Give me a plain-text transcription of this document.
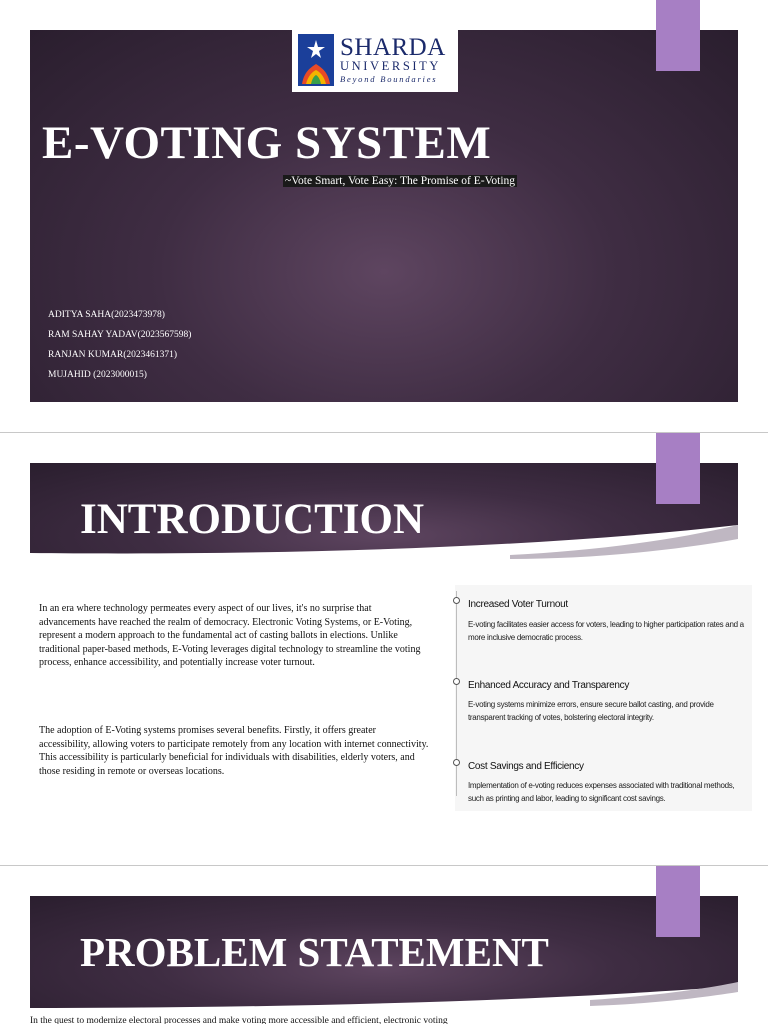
SHARDA
UNIVERSITY
Beyond Boundaries
E-VOTING SYSTEM
~Vote Smart, Vote Easy: The Promise of E-Voting
ADITYA SAHA(2023473978)
RAM SAHAY YADAV(2023567598)
RANJAN KUMAR(2023461371)
MUJAHID (2023000015)
INTRODUCTION

In an era where technology permeates every aspect of our lives, it's no surprise that advancements have reached the realm of democracy. Electronic Voting Systems, or E-Voting, represent a modern approach to the fundamental act of casting ballots in elections. Unlike traditional paper-based methods, E-Voting leverages digital technology to streamline the voting process, enhance accessibility, and potentially increase voter turnout.

The adoption of E-Voting systems promises several benefits. Firstly, it offers greater accessibility, allowing voters to participate remotely from any location with internet connectivity. This accessibility is particularly beneficial for individuals with disabilities, elderly voters, and those residing in remote or overseas locations.

Increased Voter Turnout
E-voting facilitates easier access for voters, leading to higher participation rates and a more inclusive democratic process.
Enhanced Accuracy and Transparency
E-voting systems minimize errors, ensure secure ballot casting, and provide transparent tracking of votes, bolstering electoral integrity.
Cost Savings and Efficiency
Implementation of e-voting reduces expenses associated with traditional methods, such as printing and labor, leading to significant cost savings.
PROBLEM STATEMENT

In the quest to modernize electoral processes and make voting more accessible and efficient, electronic voting
